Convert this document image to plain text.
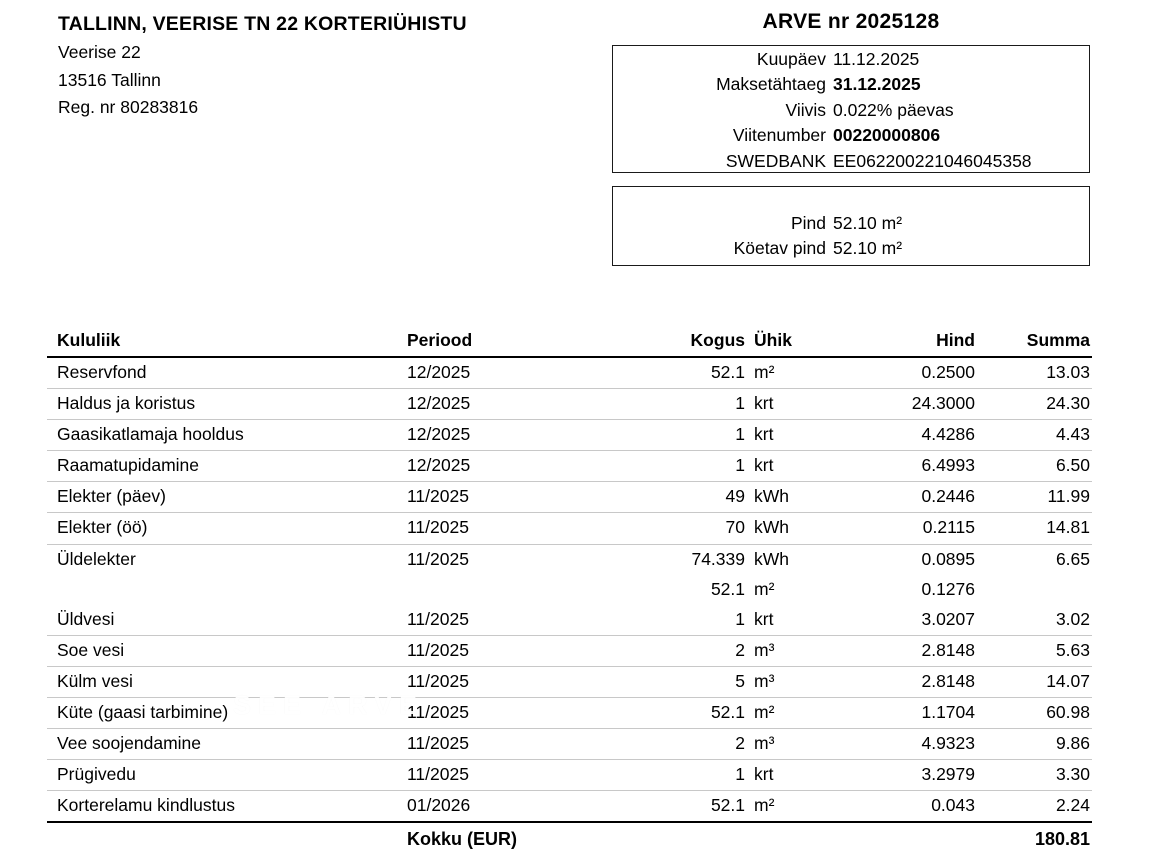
TALLINN, VEERISE TN 22 KORTERIÜHISTU
Veerise 22
13516 Tallinn
Reg. nr 80283816
ARVE nr 2025128
Kuupäev 11.12.2025
Maksetähtaeg 31.12.2025
Viivis 0.022% päevas
Viitenumber 00220000806
SWEDBANK EE062200221046045358
Pind 52.10 m²
Köetav pind 52.10 m²
Kululiik	Periood	Kogus	Ühik	Hind	Summa
Reservfond	12/2025	52.1	m²	0.2500	13.03
Haldus ja koristus	12/2025	1	krt	24.3000	24.30
Gaasikatlamaja hooldus	12/2025	1	krt	4.4286	4.43
Raamatupidamine	12/2025	1	krt	6.4993	6.50
Elekter (päev)	11/2025	49	kWh	0.2446	11.99
Elekter (öö)	11/2025	70	kWh	0.2115	14.81
Üldelekter	11/2025	74.339	kWh	0.0895	6.65
		52.1	m²	0.1276	
Üldvesi	11/2025	1	krt	3.0207	3.02
Soe vesi	11/2025	2	m³	2.8148	5.63
Külm vesi	11/2025	5	m³	2.8148	14.07
Küte (gaasi tarbimine)	11/2025	52.1	m²	1.1704	60.98
Vee soojendamine	11/2025	2	m³	4.9323	9.86
Prügivedu	11/2025	1	krt	3.2979	3.30
Korterelamu kindlustus	01/2026	52.1	m²	0.043	2.24
	Kokku (EUR)				180.81
SEE ARVE
